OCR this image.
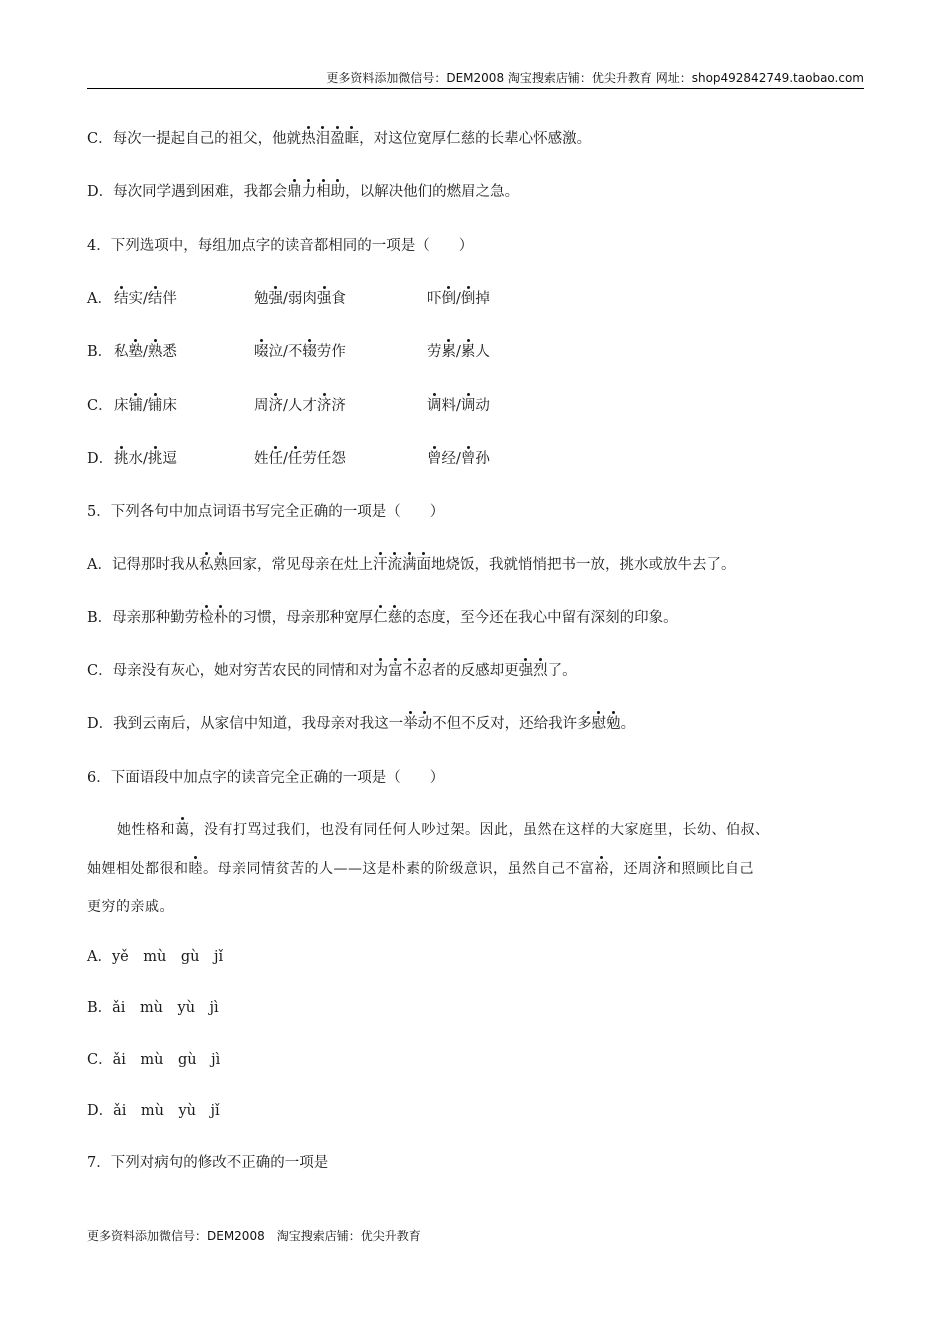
更多资料添加微信号：DEM2008 淘宝搜索店铺：优尖升教育 网址：shop492842749.taobao.com
C．每次一提起自己的祖父，他就热泪盈眶，对这位宽厚仁慈的长辈心怀感激。
D．每次同学遇到困难，我都会鼎力相助，以解决他们的燃眉之急。
4．下列选项中，每组加点字的读音都相同的一项是（　　）
A． 结实/结伴	勉强/弱肉强食	吓倒/倒掉
B． 私塾/熟悉	啜泣/不辍劳作	劳累/累人
C． 床铺/铺床	周济/人才济济	调料/调动
D． 挑水/挑逗	姓任/任劳任怨	曾经/曾孙
5．下列各句中加点词语书写完全正确的一项是（　　）
A．记得那时我从私熟回家，常见母亲在灶上汗流满面地烧饭，我就悄悄把书一放，挑水或放牛去了。
B．母亲那种勤劳检朴的习惯，母亲那种宽厚仁慈的态度，至今还在我心中留有深刻的印象。
C．母亲没有灰心，她对穷苦农民的同情和对为富不忍者的反感却更强烈了。
D．我到云南后，从家信中知道，我母亲对我这一举动不但不反对，还给我许多慰勉。
6．下面语段中加点字的读音完全正确的一项是（　　）
她性格和蔼，没有打骂过我们，也没有同任何人吵过架。因此，虽然在这样的大家庭里，长幼、伯叔、
妯娌相处都很和睦。母亲同情贫苦的人——这是朴素的阶级意识，虽然自己不富裕，还周济和照顾比自己
更穷的亲戚。
A．yě　mù　gù　jǐ
B．ǎi　mù　yù　jì
C．ǎi　mù　gù　jì
D．ǎi　mù　yù　jǐ
7．下列对病句的修改不正确的一项是
更多资料添加微信号：DEM2008　淘宝搜索店铺：优尖升教育
